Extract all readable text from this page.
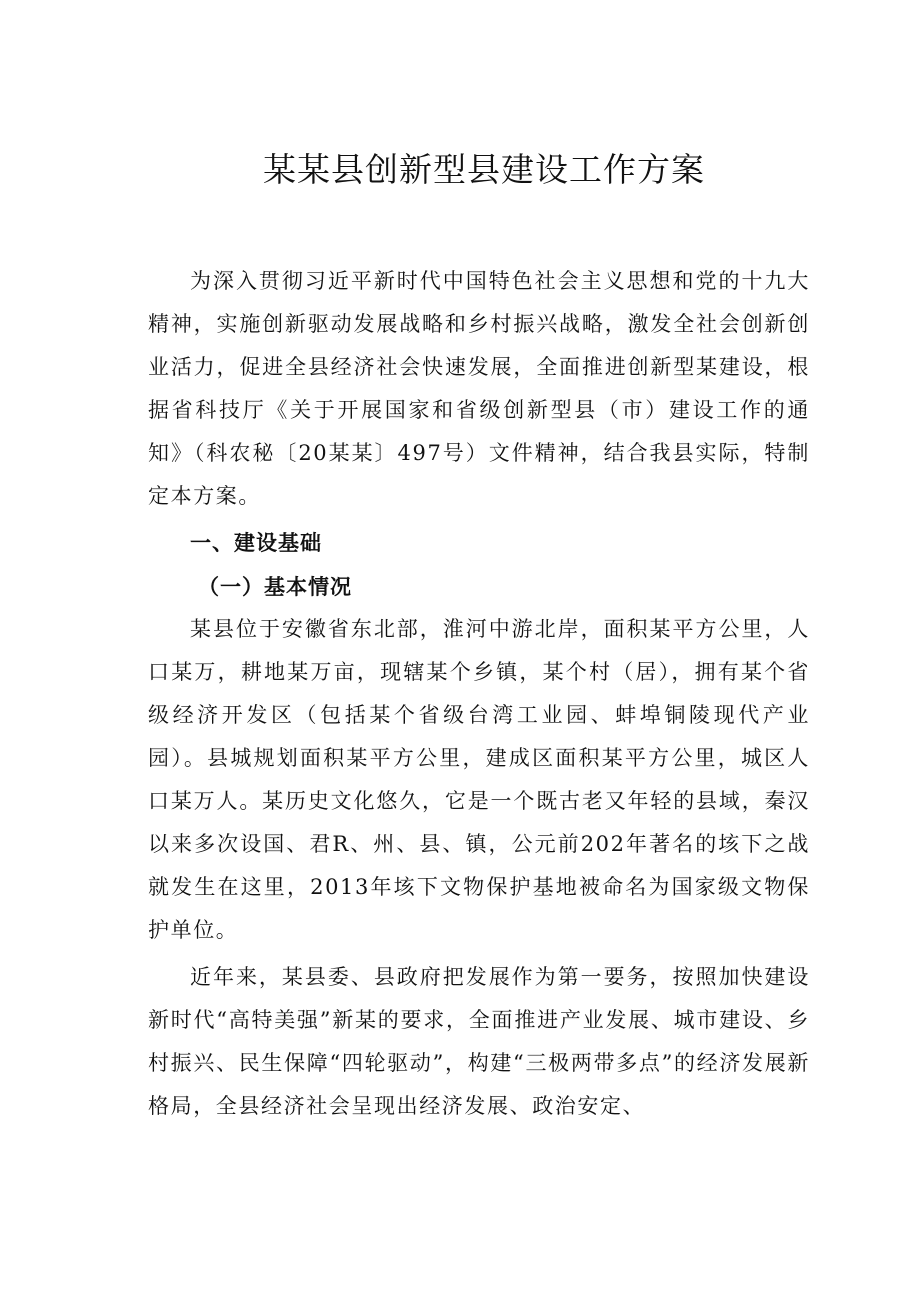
某某县创新型县建设工作方案

为深入贯彻习近平新时代中国特色社会主义思想和党的十九大精神，实施创新驱动发展战略和乡村振兴战略，激发全社会创新创业活力，促进全县经济社会快速发展，全面推进创新型某建设，根据省科技厅《关于开展国家和省级创新型县（市）建设工作的通知》（科农秘〔20某某〕497号）文件精神，结合我县实际，特制定本方案。

一、建设基础
（一）基本情况

某县位于安徽省东北部，淮河中游北岸，面积某平方公里，人口某万，耕地某万亩，现辖某个乡镇，某个村（居），拥有某个省级经济开发区（包括某个省级台湾工业园、蚌埠铜陵现代产业园）。县城规划面积某平方公里，建成区面积某平方公里，城区人口某万人。某历史文化悠久，它是一个既古老又年轻的县域，秦汉以来多次设国、君R、州、县、镇，公元前202年著名的垓下之战就发生在这里，2013年垓下文物保护基地被命名为国家级文物保护单位。

近年来，某县委、县政府把发展作为第一要务，按照加快建设新时代“高特美强”新某的要求，全面推进产业发展、城市建设、乡村振兴、民生保障“四轮驱动”，构建“三极两带多点”的经济发展新格局，全县经济社会呈现出经济发展、政治安定、
